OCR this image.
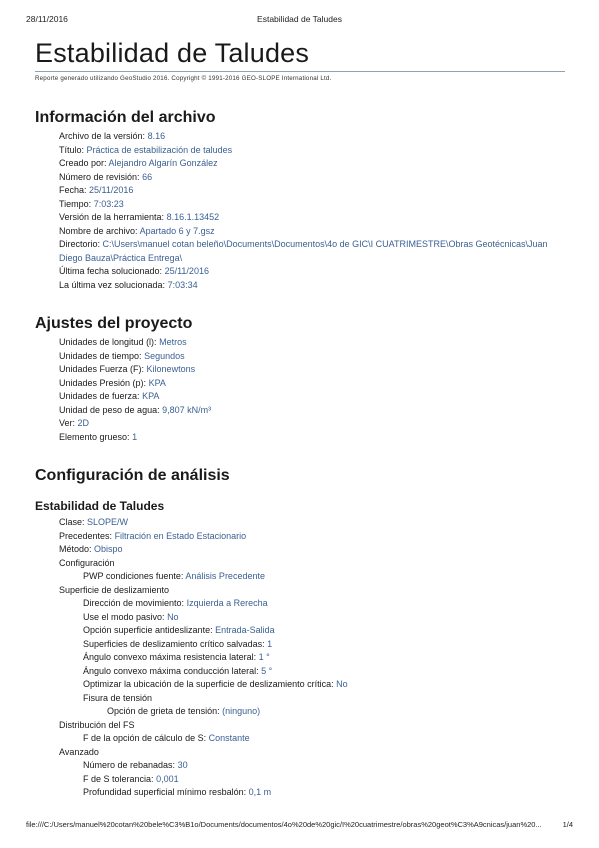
28/11/2016	Estabilidad de Taludes
Estabilidad de Taludes
Reporte generado utilizando GeoStudio 2016. Copyright © 1991-2016 GEO-SLOPE International Ltd.
Información del archivo
Archivo de la versión: 8.16
Título: Práctica de estabilización de taludes
Creado por: Alejandro Algarín González
Número de revisión: 66
Fecha: 25/11/2016
Tiempo: 7:03:23
Versión de la herramienta: 8.16.1.13452
Nombre de archivo: Apartado 6 y 7.gsz
Directorio: C:\Users\manuel cotan beleño\Documents\Documentos\4o de GIC\I CUATRIMESTRE\Obras Geotécnicas\Juan Diego Bauza\Práctica Entrega\
Última fecha solucionado: 25/11/2016
La última vez solucionada: 7:03:34
Ajustes del proyecto
Unidades de longitud (l): Metros
Unidades de tiempo: Segundos
Unidades Fuerza (F): Kilonewtons
Unidades Presión (p): KPA
Unidades de fuerza: KPA
Unidad de peso de agua: 9,807 kN/m³
Ver: 2D
Elemento grueso: 1
Configuración de análisis
Estabilidad de Taludes
Clase: SLOPE/W
Precedentes: Filtración en Estado Estacionario
Método: Obispo
Configuración
PWP condiciones fuente: Análisis Precedente
Superficie de deslizamiento
Dirección de movimiento: Izquierda a Rerecha
Use el modo pasivo: No
Opción superficie antideslizante: Entrada-Salida
Superficies de deslizamiento crítico salvadas: 1
Ángulo convexo máxima resistencia lateral: 1 °
Ángulo convexo máxima conducción lateral: 5 °
Optimizar la ubicación de la superficie de deslizamiento crítica: No
Fisura de tensión
Opción de grieta de tensión: (ninguno)
Distribución del FS
F de la opción de cálculo de S: Constante
Avanzado
Número de rebanadas: 30
F de S tolerancia: 0,001
Profundidad superficial mínimo resbalón: 0,1 m
file:///C:/Users/manuel%20cotan%20bele%C3%B1o/Documents/documentos/4o%20de%20gic/I%20cuatrimestre/obras%20geot%C3%A9cnicas/juan%20...	1/4
